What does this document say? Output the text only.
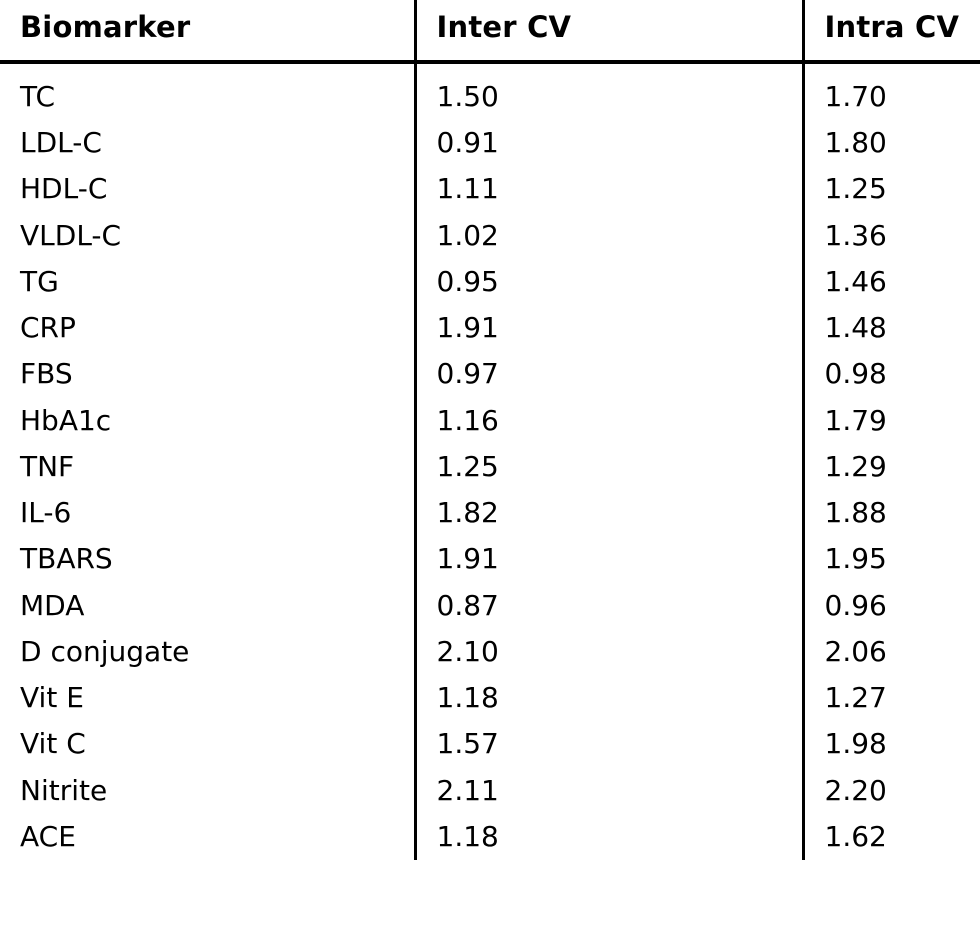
Biomarker	Inter CV	Intra CV
TC	1.50	1.70
LDL-C	0.91	1.80
HDL-C	1.11	1.25
VLDL-C	1.02	1.36
TG	0.95	1.46
CRP	1.91	1.48
FBS	0.97	0.98
HbA1c	1.16	1.79
TNF	1.25	1.29
IL-6	1.82	1.88
TBARS	1.91	1.95
MDA	0.87	0.96
D conjugate	2.10	2.06
Vit E	1.18	1.27
Vit C	1.57	1.98
Nitrite	2.11	2.20
ACE	1.18	1.62
